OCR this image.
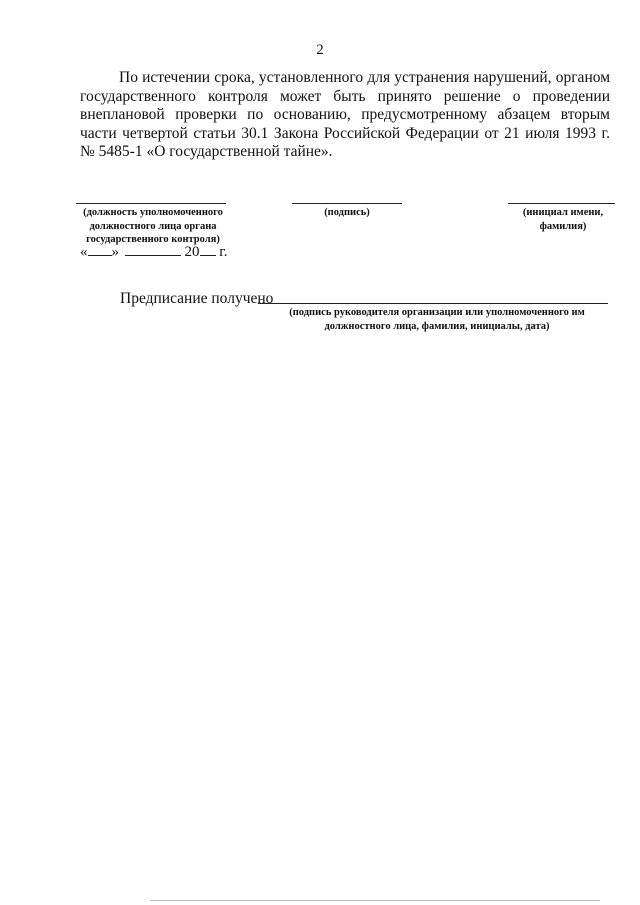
2
По истечении срока, установленного для устранения нарушений, органом государственного контроля может быть принято решение о проведении внеплановой проверки по основанию, предусмотренному абзацем вторым части четвертой статьи 30.1 Закона Российской Федерации от 21 июля 1993 г. № 5485-1 «О государственной тайне».
(должность уполномоченного должностного лица органа государственного контроля)
(подпись)	(инициал имени, фамилия)
« »	20 г.
Предписание получено
(подпись руководителя организации или уполномоченного им должностного лица, фамилия, инициалы, дата)
